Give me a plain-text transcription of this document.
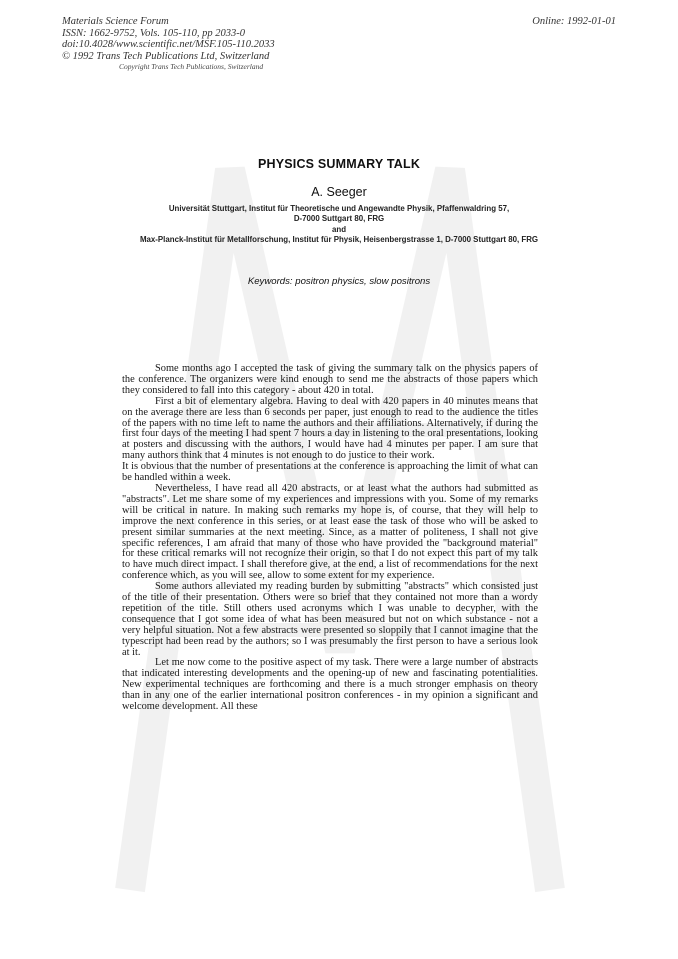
Materials Science Forum
ISSN: 1662-9752, Vols. 105-110, pp 2033-0
doi:10.4028/www.scientific.net/MSF.105-110.2033
© 1992 Trans Tech Publications Ltd, Switzerland
Copyright Trans Tech Publications, Switzerland
Online: 1992-01-01
PHYSICS SUMMARY TALK
A. Seeger
Universität Stuttgart, Institut für Theoretische und Angewandte Physik, Pfaffenwaldring 57,
D-7000 Suttgart 80, FRG
and
Max-Planck-Institut für Metallforschung, Institut für Physik, Heisenbergstrasse 1, D-7000 Stuttgart 80, FRG
Keywords: positron physics, slow positrons

Some months ago I accepted the task of giving the summary talk on the physics papers of the conference. The organizers were kind enough to send me the abstracts of those papers which they considered to fall into this category - about 420 in total.

First a bit of elementary algebra. Having to deal with 420 papers in 40 minutes means that on the average there are less than 6 seconds per paper, just enough to read to the audience the titles of the papers with no time left to name the authors and their affiliations. Alternatively, if during the first four days of the meeting I had spent 7 hours a day in listening to the oral presentations, looking at posters and discussing with the authors, I would have had 4 minutes per paper. I am sure that many authors think that 4 minutes is not enough to do justice to their work.

It is obvious that the number of presentations at the conference is approaching the limit of what can be handled within a week.

Nevertheless, I have read all 420 abstracts, or at least what the authors had submitted as "abstracts". Let me share some of my experiences and impressions with you. Some of my remarks will be critical in nature. In making such remarks my hope is, of course, that they will help to improve the next conference in this series, or at least ease the task of those who will be asked to present similar summaries at the next meeting. Since, as a matter of politeness, I shall not give specific references, I am afraid that many of those who have provided the "background material" for these critical remarks will not recognize their origin, so that I do not expect this part of my talk to have much direct impact. I shall therefore give, at the end, a list of recommendations for the next conference which, as you will see, allow to some extent for my experience.

Some authors alleviated my reading burden by submitting "abstracts" which consisted just of the title of their presentation. Others were so brief that they contained not more than a wordy repetition of the title. Still others used acronyms which I was unable to decypher, with the consequence that I got some idea of what has been measured but not on which substance - not a very helpful situation. Not a few abstracts were presented so sloppily that I cannot imagine that the typescript had been read by the authors; so I was presumably the first person to have a serious look at it.

Let me now come to the positive aspect of my task. There were a large number of abstracts that indicated interesting developments and the opening-up of new and fascinating potentialities. New experimental techniques are forthcoming and there is a much stronger emphasis on theory than in any one of the earlier international positron conferences - in my opinion a significant and welcome development. All these
